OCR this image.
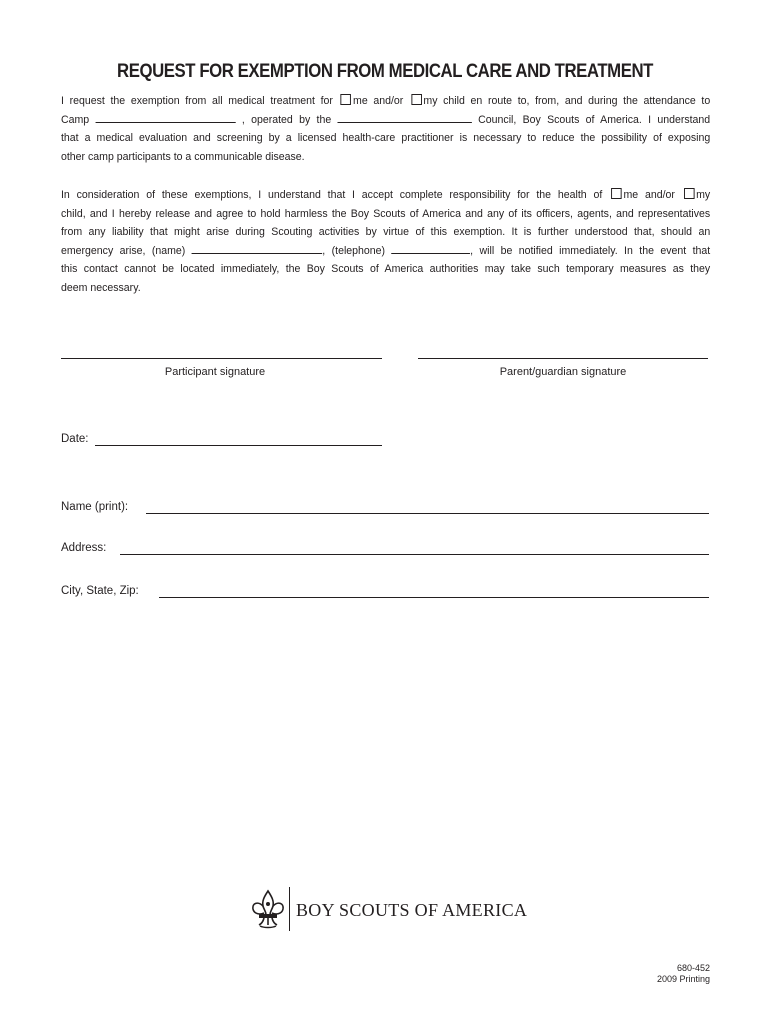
REQUEST FOR EXEMPTION FROM MEDICAL CARE AND TREATMENT
I request the exemption from all medical treatment for me and/or my child en route to, from, and during the attendance to
Camp	, operated by the	Council, Boy Scouts of America. I understand
that a medical evaluation and screening by a licensed health-care practitioner is necessary to reduce the possibility of exposing
other camp participants to a communicable disease.
In consideration of these exemptions, I understand that I accept complete responsibility for the health of me and/or my
child, and I hereby release and agree to hold harmless the Boy Scouts of America and any of its officers, agents, and representatives
from any liability that might arise during Scouting activities by virtue of this exemption. It is further understood that, should an
emergency arise, (name)	, (telephone)	, will be notified immediately. In the event that
this contact cannot be located immediately, the Boy Scouts of America authorities may take such temporary measures as they
deem necessary.
Participant signature	Parent/guardian signature
Date:
Name (print):
Address:
City, State, Zip:
BOY SCOUTS OF AMERICA
680-452
2009 Printing
